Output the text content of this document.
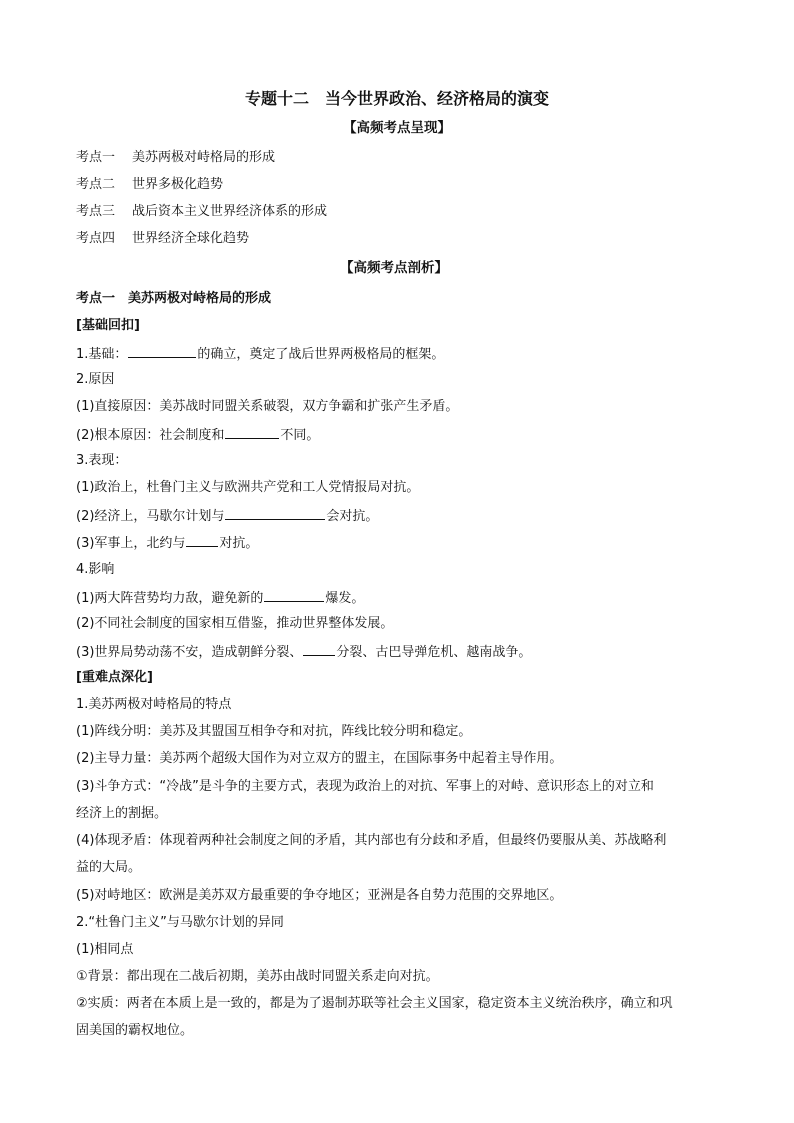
专题十二　当今世界政治、经济格局的演变
【高频考点呈现】
考点一 美苏两极对峙格局的形成
考点二 世界多极化趋势
考点三 战后资本主义世界经济体系的形成
考点四 世界经济全球化趋势
【高频考点剖析】
考点一　美苏两极对峙格局的形成
[基础回扣]
1.基础：	的确立，奠定了战后世界两极格局的框架。
2.原因
(1)直接原因：美苏战时同盟关系破裂，双方争霸和扩张产生矛盾。
(2)根本原因：社会制度和	不同。
3.表现：
(1)政治上，杜鲁门主义与欧洲共产党和工人党情报局对抗。
(2)经济上，马歇尔计划与	会对抗。
(3)军事上，北约与	对抗。
4.影响
(1)两大阵营势均力敌，避免新的	爆发。
(2)不同社会制度的国家相互借鉴，推动世界整体发展。
(3)世界局势动荡不安，造成朝鲜分裂、	分裂、古巴导弹危机、越南战争。
[重难点深化]
1.美苏两极对峙格局的特点
(1)阵线分明：美苏及其盟国互相争夺和对抗，阵线比较分明和稳定。
(2)主导力量：美苏两个超级大国作为对立双方的盟主，在国际事务中起着主导作用。
(3)斗争方式：“冷战”是斗争的主要方式，表现为政治上的对抗、军事上的对峙、意识形态上的对立和
经济上的割据。
(4)体现矛盾：体现着两种社会制度之间的矛盾，其内部也有分歧和矛盾，但最终仍要服从美、苏战略利
益的大局。
(5)对峙地区：欧洲是美苏双方最重要的争夺地区；亚洲是各自势力范围的交界地区。
2.“杜鲁门主义”与马歇尔计划的异同
(1)相同点
①背景：都出现在二战后初期，美苏由战时同盟关系走向对抗。
②实质：两者在本质上是一致的，都是为了遏制苏联等社会主义国家，稳定资本主义统治秩序，确立和巩
固美国的霸权地位。
